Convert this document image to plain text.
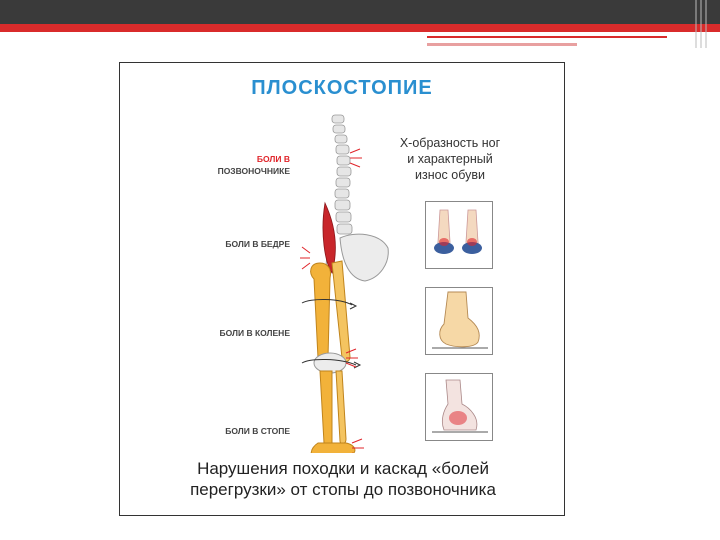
ПЛОСКОСТОПИЕ
БОЛИ В
ПОЗВОНОЧНИКЕ
БОЛИ В БЕДРЕ
БОЛИ В КОЛЕНЕ
БОЛИ В СТОПЕ
Х-образность ног
и характерный
износ обуви
Нарушения походки и каскад «болей
перегрузки» от стопы до позвоночника
